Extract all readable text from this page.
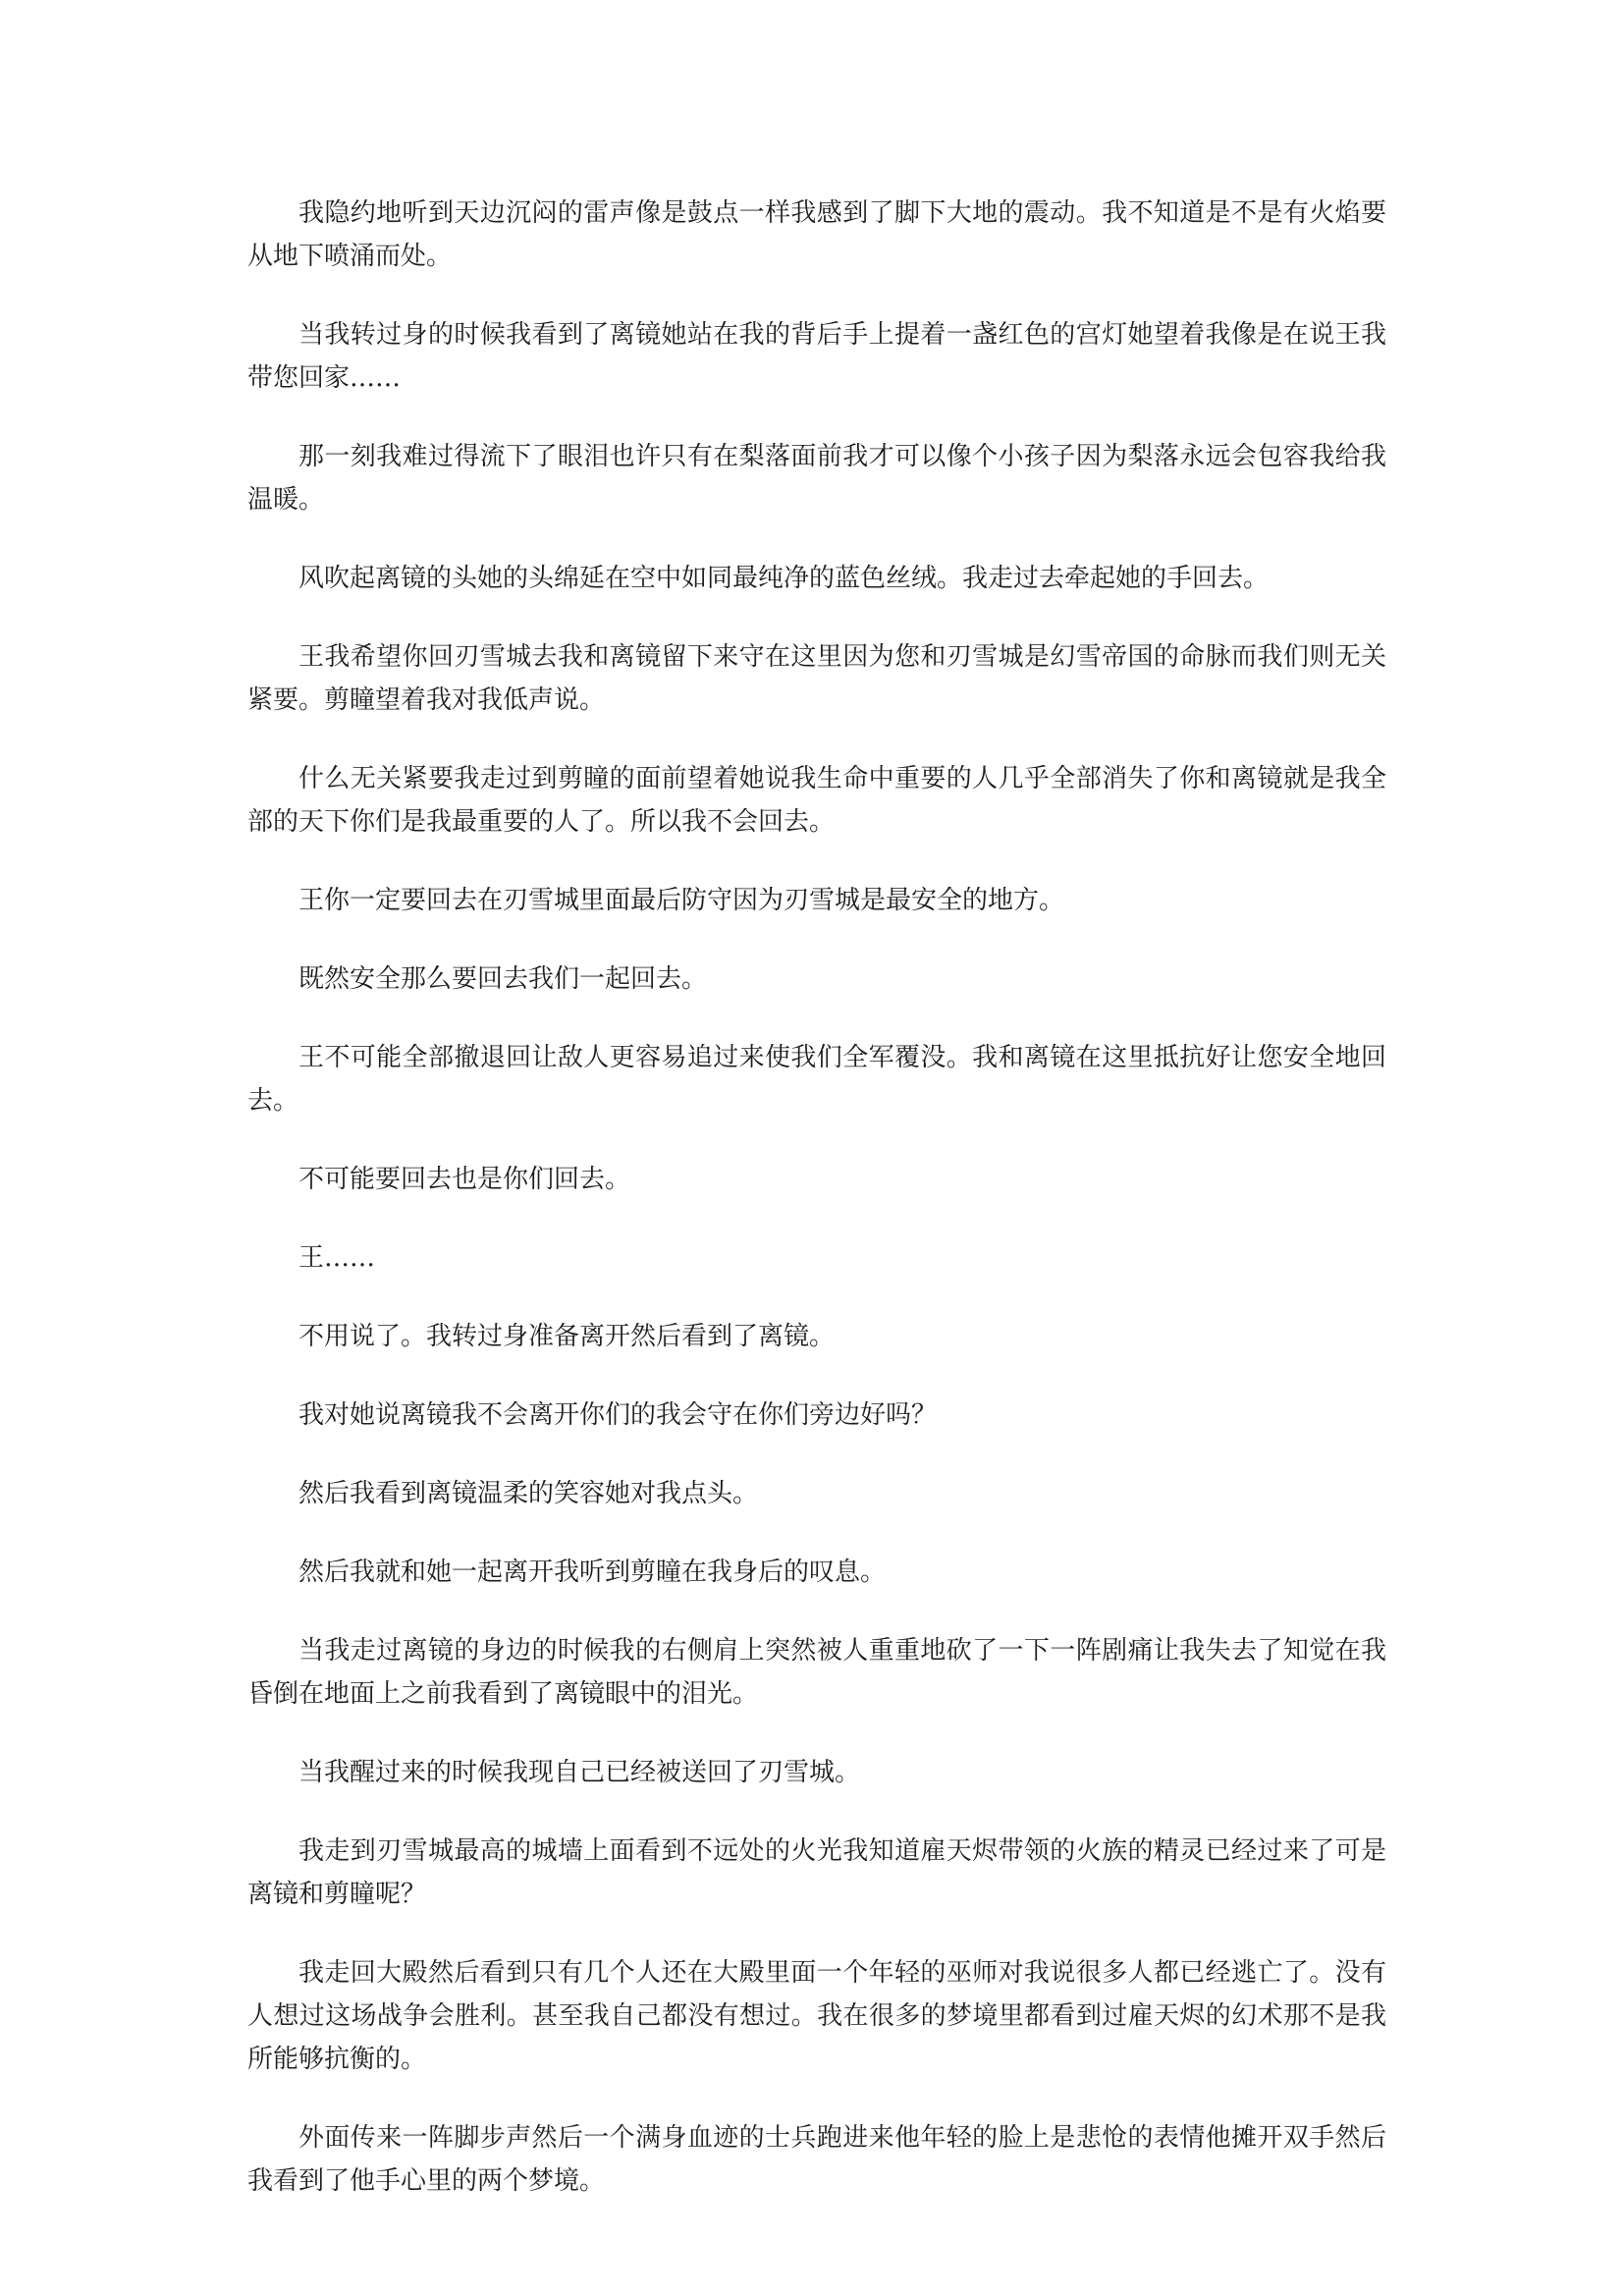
我隐约地听到天边沉闷的雷声像是鼓点一样我感到了脚下大地的震动。我不知道是不是有火焰要从地下喷涌而处。

当我转过身的时候我看到了离镜她站在我的背后手上提着一盏红色的宫灯她望着我像是在说王我带您回家……

那一刻我难过得流下了眼泪也许只有在梨落面前我才可以像个小孩子因为梨落永远会包容我给我温暖。

风吹起离镜的头她的头绵延在空中如同最纯净的蓝色丝绒。我走过去牵起她的手回去。

王我希望你回刃雪城去我和离镜留下来守在这里因为您和刃雪城是幻雪帝国的命脉而我们则无关紧要。剪瞳望着我对我低声说。

什么无关紧要我走过到剪瞳的面前望着她说我生命中重要的人几乎全部消失了你和离镜就是我全部的天下你们是我最重要的人了。所以我不会回去。

王你一定要回去在刃雪城里面最后防守因为刃雪城是最安全的地方。

既然安全那么要回去我们一起回去。

王不可能全部撤退回让敌人更容易追过来使我们全军覆没。我和离镜在这里抵抗好让您安全地回去。

不可能要回去也是你们回去。

王……

不用说了。我转过身准备离开然后看到了离镜。

我对她说离镜我不会离开你们的我会守在你们旁边好吗？

然后我看到离镜温柔的笑容她对我点头。

然后我就和她一起离开我听到剪瞳在我身后的叹息。

当我走过离镜的身边的时候我的右侧肩上突然被人重重地砍了一下一阵剧痛让我失去了知觉在我昏倒在地面上之前我看到了离镜眼中的泪光。

当我醒过来的时候我现自己已经被送回了刃雪城。

我走到刃雪城最高的城墙上面看到不远处的火光我知道雇天烬带领的火族的精灵已经过来了可是离镜和剪瞳呢？

我走回大殿然后看到只有几个人还在大殿里面一个年轻的巫师对我说很多人都已经逃亡了。没有人想过这场战争会胜利。甚至我自己都没有想过。我在很多的梦境里都看到过雇天烬的幻术那不是我所能够抗衡的。

外面传来一阵脚步声然后一个满身血迹的士兵跑进来他年轻的脸上是悲怆的表情他摊开双手然后我看到了他手心里的两个梦境。
